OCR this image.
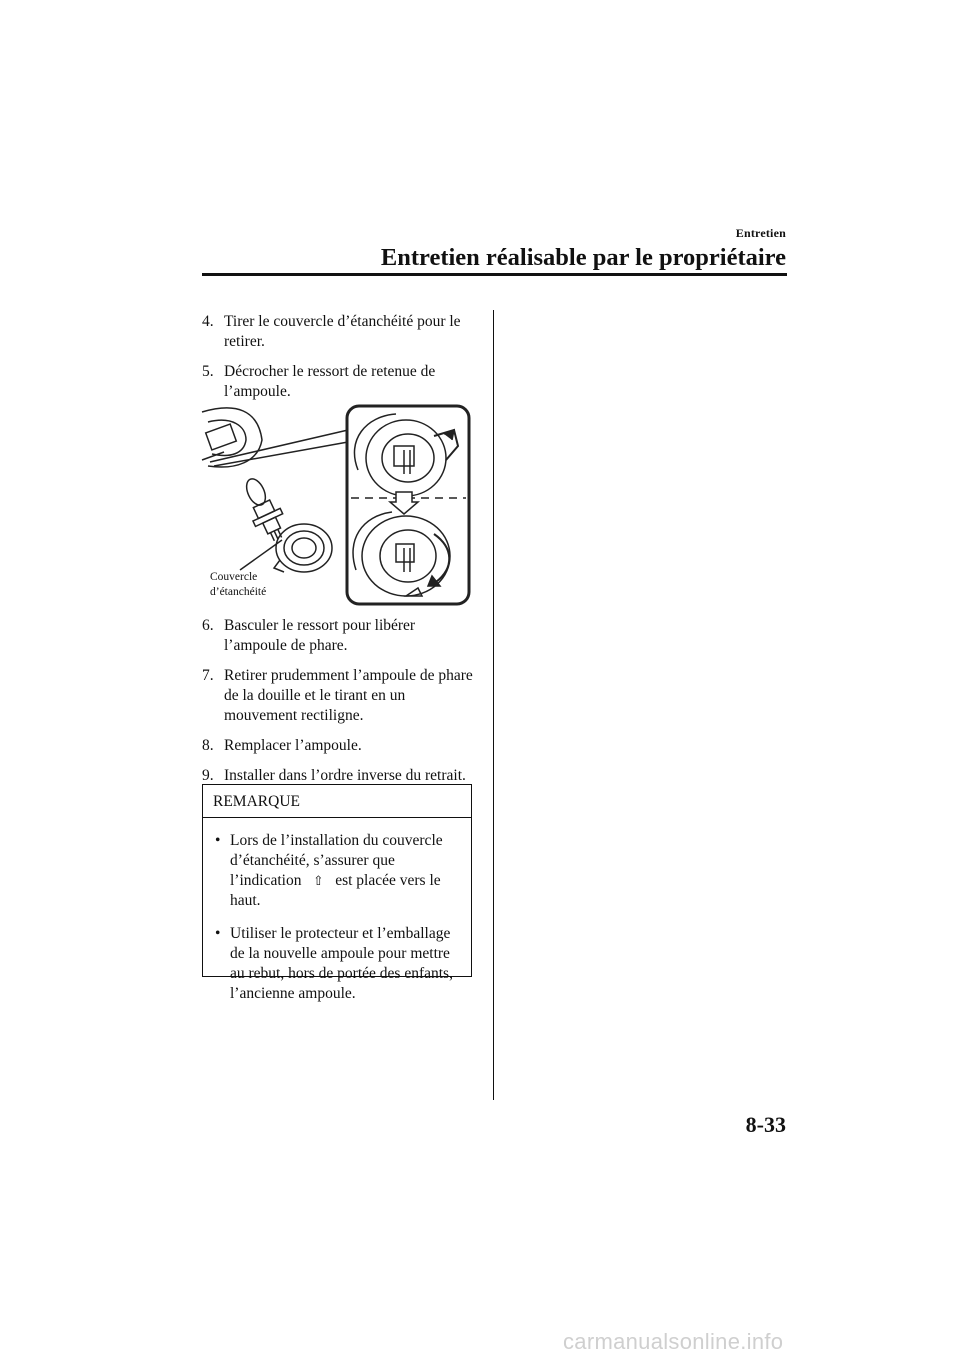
Entretien
Entretien réalisable par le propriétaire
4. Tirer le couvercle d’étanchéité pour le retirer.
5. Décrocher le ressort de retenue de l’ampoule.
Couvercle
d’étanchéité
6. Basculer le ressort pour libérer l’ampoule de phare.
7. Retirer prudemment l’ampoule de phare de la douille et le tirant en un mouvement rectiligne.
8. Remplacer l’ampoule.
9. Installer dans l’ordre inverse du retrait.
REMARQUE
• Lors de l’installation du couvercle d’étanchéité, s’assurer que l’indication ⇧ est placée vers le haut.
• Utiliser le protecteur et l’emballage de la nouvelle ampoule pour mettre au rebut, hors de portée des enfants, l’ancienne ampoule.
8-33
carmanualsonline.info
